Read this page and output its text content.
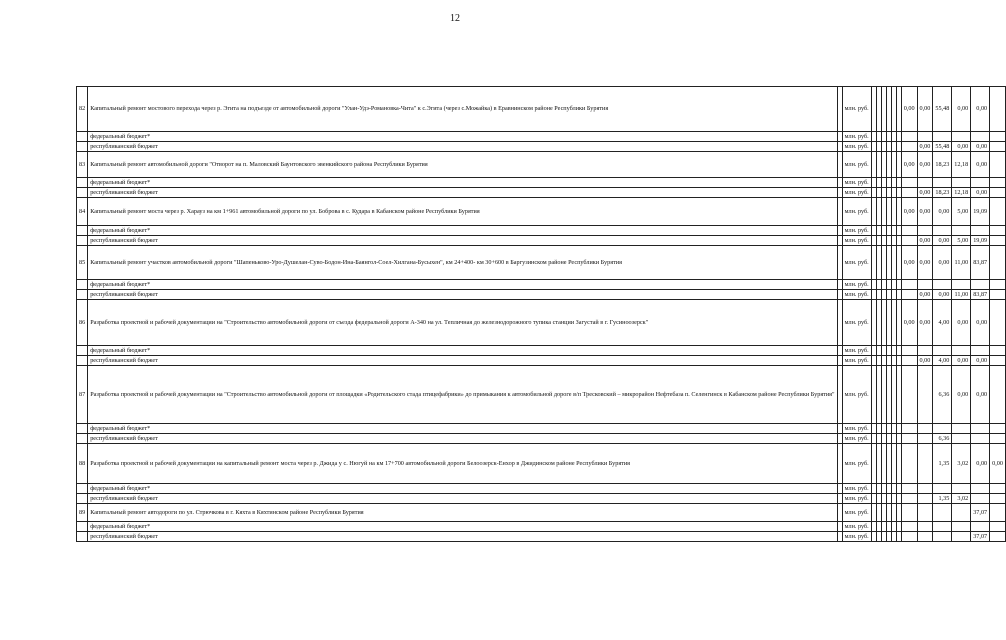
12
82	Капитальный ремонт мостового перехода через р. Эгита на подъезде от автомобильной дороги "Улан-Удэ-Романовка-Чита" к с.Эгита (через с.Можайка) в Еравнинском районе Республики Бурятия		млн. руб.							0,00	0,00	55,48	0,00	0,00	
	федеральный бюджет*		млн. руб.												
	республиканский бюджет		млн. руб.								0,00	55,48	0,00	0,00	
83	Капитальный ремонт автомобильной дороги "Отворот на п. Маловский Баунтовского эвенкийского района Республики Бурятия		млн. руб.							0,00	0,00	18,23	12,18	0,00	
	федеральный бюджет*		млн. руб.												
	республиканский бюджет		млн. руб.								0,00	18,23	12,18	0,00	
84	Капитальный ремонт моста через р. Харауз на км 1+961 автомобильной дороги по ул. Боброва в с. Кудара в Кабанском районе Республики Бурятия		млн. руб.							0,00	0,00	0,00	5,00	19,09	
	федеральный бюджет*		млн. руб.												
	республиканский бюджет		млн. руб.								0,00	0,00	5,00	19,09	
85	Капитальный ремонт участков автомобильной дороги "Шапеньково-Уро-Душелан-Суво-Бодон-Ина-Баянгол-Соел-Хилгана-Бусыхен", км 24+400- км 30+600 в Баргузинском районе Республики Бурятия		млн. руб.							0,00	0,00	0,00	11,00	83,87	
	федеральный бюджет*		млн. руб.												
	республиканский бюджет		млн. руб.								0,00	0,00	11,00	83,87	
86	Разработка проектной и рабочей документации на "Строительство автомобильной дороги от съезда федеральной дороги А-340 на ул. Тепличная до железнодорожного тупика станции Загустай в г. Гусиноозерск"		млн. руб.							0,00	0,00	4,00	0,00	0,00	
	федеральный бюджет*		млн. руб.												
	республиканский бюджет		млн. руб.								0,00	4,00	0,00	0,00	
87	Разработка проектной и рабочей документации на "Строительство автомобильной дороги от площадки «Родительского стада птицефабрики» до примыкания к автомобильной дороге в/п Тресковский – микрорайон Нефтебаза п. Селенгинск в Кабанском районе Республики Бурятия"		млн. руб.									6,36	0,00	0,00	
	федеральный бюджет*		млн. руб.												
	республиканский бюджет		млн. руб.									6,36			
88	Разработка проектной и рабочей документации на капитальный ремонт моста через р. Джида у с. Нюгуй на км 17+700 автомобильной дороги Белоозерск-Енхор в Джидинском районе Республики Бурятия		млн. руб.									1,35	3,02	0,00	0,00
	федеральный бюджет*		млн. руб.												
	республиканский бюджет		млн. руб.									1,35	3,02		
89	Капитальный ремонт автодороги по ул. Стрючкова в г. Кяхта в Кяхтинском районе Республики Бурятия		млн. руб.											37,07	
	федеральный бюджет*		млн. руб.												
	республиканский бюджет		млн. руб.											37,07	
